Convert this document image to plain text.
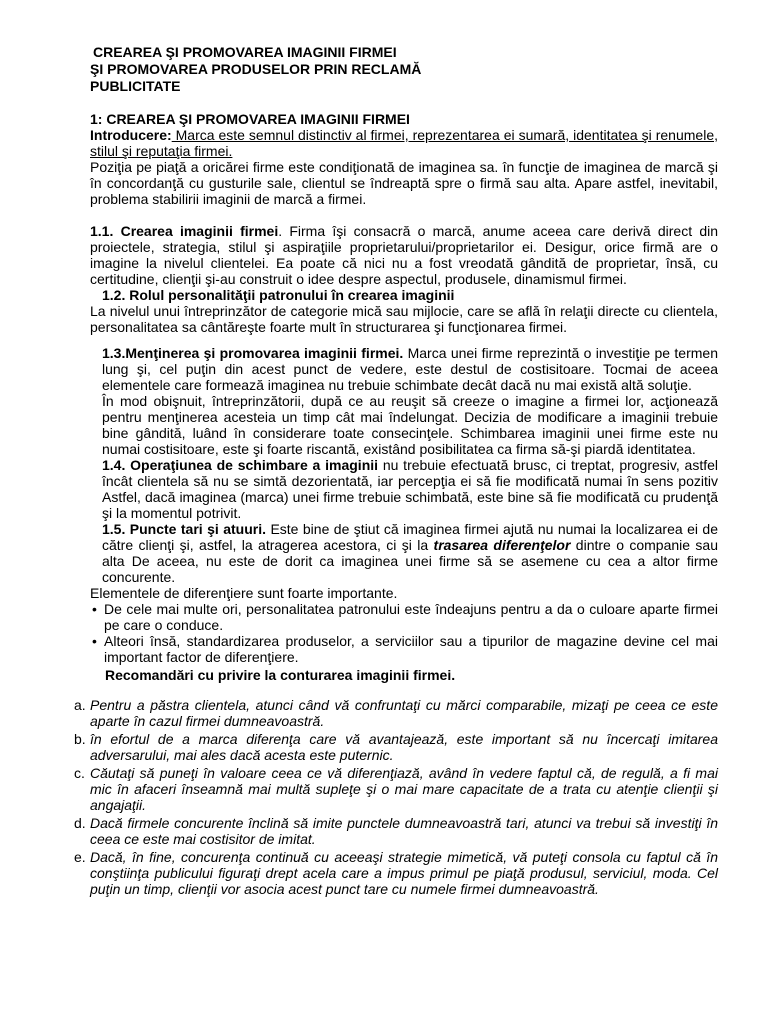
CREAREA ŞI PROMOVAREA IMAGINII FIRMEI
ŞI PROMOVAREA PRODUSELOR PRIN RECLAMĂ
PUBLICITATE
1: CREAREA ŞI PROMOVAREA IMAGINII FIRMEI

Introducere: Marca este semnul distinctiv al firmei, reprezentarea ei sumară, identitatea şi renumele, stilul şi reputaţia firmei.

Poziţia pe piaţă a oricărei firme este condiţionată de imaginea sa. în funcţie de imaginea de marcă şi în concordanţă cu gusturile sale, clientul se îndreaptă spre o firmă sau alta. Apare astfel, inevitabil, problema stabilirii imaginii de marcă a firmei.

1.1. Crearea imaginii firmei. Firma îşi consacră o marcă, anume aceea care derivă direct din proiectele, strategia, stilul şi aspiraţiile proprietarului/proprietarilor ei. Desigur, orice firmă are o imagine la nivelul clientelei. Ea poate că nici nu a fost vreodată gândită de proprietar, însă, cu certitudine, clienţii şi-au construit o idee despre aspectul, produsele, dinamismul firmei.

1.2. Rolul personalităţii patronului în crearea imaginii

La nivelul unui întreprinzător de categorie mică sau mijlocie, care se află în relaţii directe cu clientela, personalitatea sa cântăreşte foarte mult în structurarea şi funcţionarea firmei.

1.3.Menţinerea şi promovarea imaginii firmei. Marca unei firme reprezintă o investiţie pe termen lung şi, cel puţin din acest punct de vedere, este destul de costisitoare. Tocmai de aceea elementele care formează imaginea nu trebuie schimbate decât dacă nu mai există altă soluţie.

În mod obişnuit, întreprinzătorii, după ce au reuşit să creeze o imagine a firmei lor, acţionează pentru menţinerea acesteia un timp cât mai îndelungat. Decizia de modificare a imaginii trebuie bine gândită, luând în considerare toate consecinţele. Schimbarea imaginii unei firme este nu numai costisitoare, este şi foarte riscantă, existând posibilitatea ca firma să-şi piardă identitatea.

1.4. Operaţiunea de schimbare a imaginii nu trebuie efectuată brusc, ci treptat, progresiv, astfel încât clientela să nu se simtă dezorientată, iar percepţia ei să fie modificată numai în sens pozitiv Astfel, dacă imaginea (marca) unei firme trebuie schimbată, este bine să fie modificată cu prudenţă şi la momentul potrivit.

1.5. Puncte tari şi atuuri. Este bine de ştiut că imaginea firmei ajută nu numai la localizarea ei de către clienţi şi, astfel, la atragerea acestora, ci şi la trasarea diferenţelor dintre o companie sau alta De aceea, nu este de dorit ca imaginea unei firme să se asemene cu cea a altor firme concurente.

Elementele de diferenţiere sunt foarte importante.

• De cele mai multe ori, personalitatea patronului este îndeajuns pentru a da o culoare aparte firmei pe care o conduce.
• Alteori însă, standardizarea produselor, a serviciilor sau a tipurilor de magazine devine cel mai important factor de diferenţiere.
Recomandări cu privire la conturarea imaginii firmei.
a. Pentru a păstra clientela, atunci când vă confruntaţi cu mărci comparabile, mizaţi pe ceea ce este aparte în cazul firmei dumneavoastră.
b. în efortul de a marca diferenţa care vă avantajează, este important să nu încercaţi imitarea adversarului, mai ales dacă acesta este puternic.
c. Căutaţi să puneţi în valoare ceea ce vă diferenţiază, având în vedere faptul că, de regulă, a fi mai mic în afaceri înseamnă mai multă supleţe şi o mai mare capacitate de a trata cu atenţie clienţii şi angajaţii.
d. Dacă firmele concurente înclină să imite punctele dumneavoastră tari, atunci va trebui să investiţi în ceea ce este mai costisitor de imitat.
e. Dacă, în fine, concurenţa continuă cu aceeaşi strategie mimetică, vă puteţi consola cu faptul că în conştiinţa publicului figuraţi drept acela care a impus primul pe piaţă produsul, serviciul, moda. Cel puţin un timp, clienţii vor asocia acest punct tare cu numele firmei dumneavoastră.
